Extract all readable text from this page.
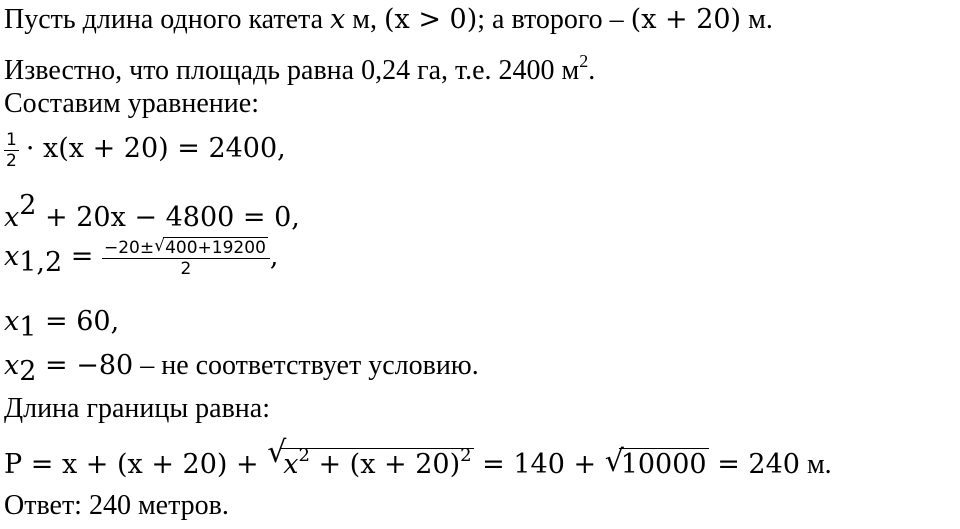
Пусть длина одного катета x м, (x > 0); а второго – (x + 20) м.
Известно, что площадь равна 0,24 га, т.е. 2400 $м^2$.
Составим уравнение:
$\frac{1}{2} \cdot x(x + 20) = 2400$,
$x^2 + 20x - 4800 = 0$,
$x_{1,2} = \frac{-20\pm √ 400+19200}{2}$ ,
$x_1 = 60$,
$x_2 = -80$ – не соответствует условию.
Длина границы равна:
P = x + (x + 20) + √
$x^2 + (x + 20)^2 = 140$ + √
10000 = 240 м.
Ответ: 240 метров.
